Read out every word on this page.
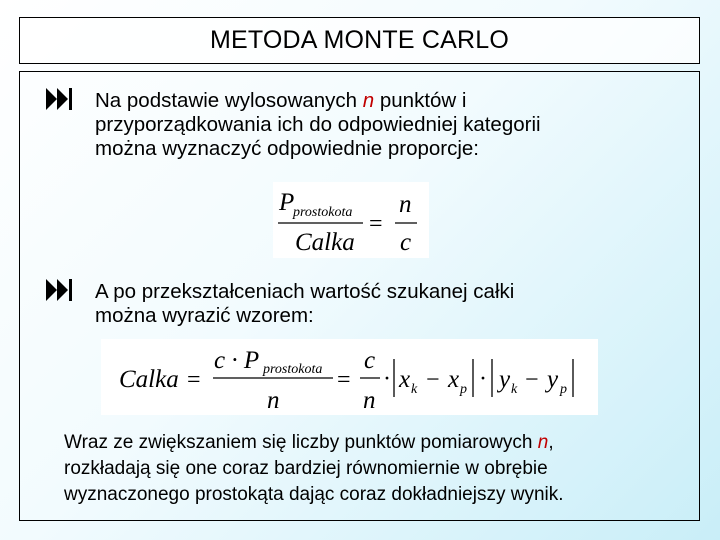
METODA MONTE CARLO
Na podstawie wylosowanych n punktów i
przyporządkowania ich do odpowiedniej kategorii
można wyznaczyć odpowiednie proporcje:
P
prostokota
Calka
=
n
c
A po przekształceniach wartość szukanej całki
można wyrazić wzorem:
Calka =
c · P prostokota
n
=
c
n
· x k − x p · y k − y p
Wraz ze zwiększaniem się liczby punktów pomiarowych n,
rozkładają się one coraz bardziej równomiernie w obrębie
wyznaczonego prostokąta dając coraz dokładniejszy wynik.
